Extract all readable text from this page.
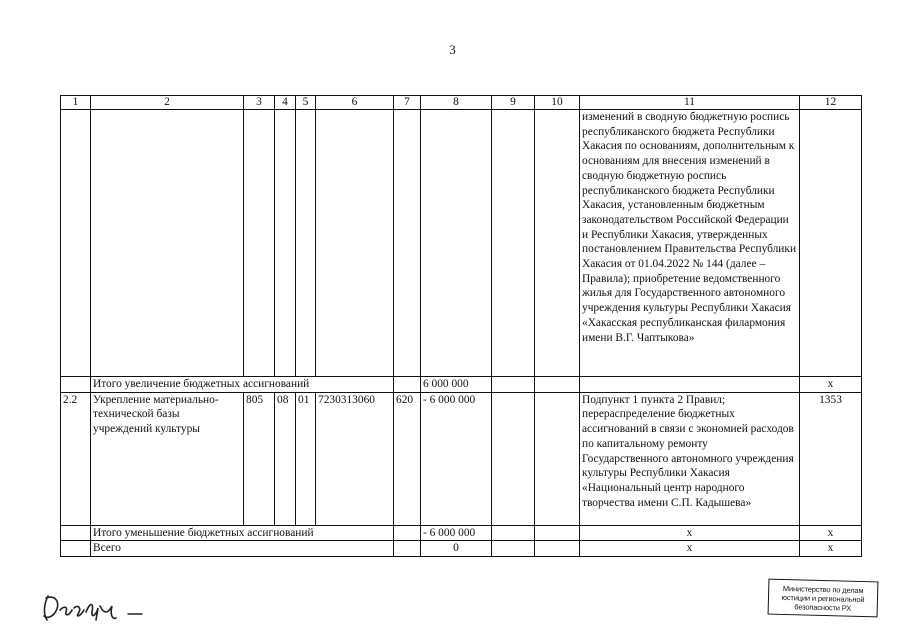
3
1	2	3	4	5	6	7	8	9	10	11	12
										изменений в сводную бюджетную роспись республиканского бюджета Республики Хакасия по основаниям, дополнительным к основаниям для внесения изменений в сводную бюджетную роспись республиканского бюджета Республики Хакасия, установленным бюджетным законодательством Российской Федерации и Республики Хакасия, утвержденных постановлением Правительства Республики Хакасия от 01.04.2022 № 144 (далее – Правила); приобретение ведомственного жилья для Государственного автономного учреждения культуры Республики Хакасия «Хакасская республиканская филармония имени В.Г. Чаптыкова»	
	Итого увеличение бюджетных ассигнований						6 000 000				x
2.2	Укрепление материально-технической базы учреждений культуры	805	08	01	7230313060	620	- 6 000 000			Подпункт 1 пункта 2 Правил; перераспределение бюджетных ассигнований в связи с экономией расходов по капитальному ремонту Государственного автономного учреждения культуры Республики Хакасия «Национальный центр народного творчества имени С.П. Кадышева»	1353
	Итого уменьшение бюджетных ассигнований						- 6 000 000			x	x
	Всего						0			x	x
Министерство по делам
юстиции и региональной
безопасности РХ
